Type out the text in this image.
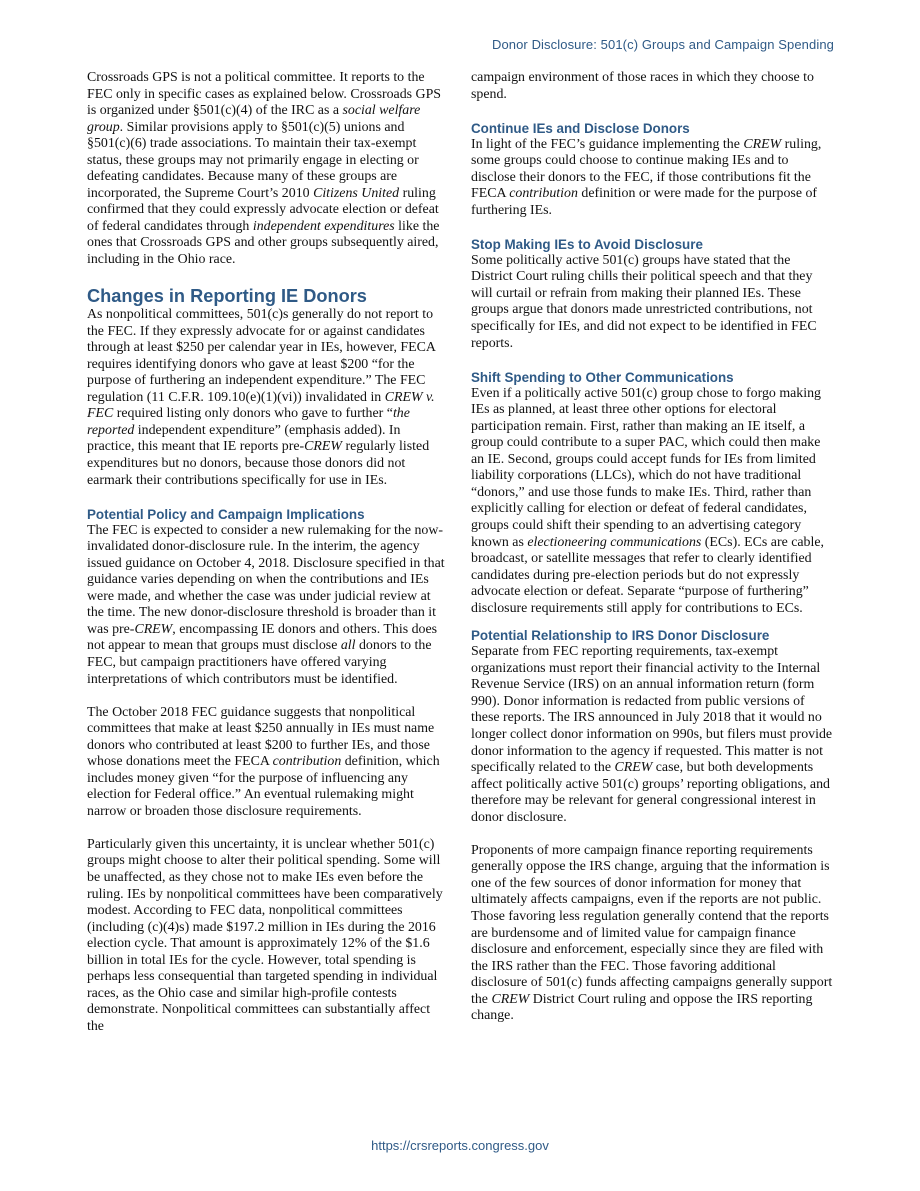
Donor Disclosure: 501(c) Groups and Campaign Spending

Crossroads GPS is not a political committee. It reports to the FEC only in specific cases as explained below. Crossroads GPS is organized under §501(c)(4) of the IRC as a social welfare group. Similar provisions apply to §501(c)(5) unions and §501(c)(6) trade associations. To maintain their tax-exempt status, these groups may not primarily engage in electing or defeating candidates. Because many of these groups are incorporated, the Supreme Court’s 2010 Citizens United ruling confirmed that they could expressly advocate election or defeat of federal candidates through independent expenditures like the ones that Crossroads GPS and other groups subsequently aired, including in the Ohio race.

Changes in Reporting IE Donors

As nonpolitical committees, 501(c)s generally do not report to the FEC. If they expressly advocate for or against candidates through at least $250 per calendar year in IEs, however, FECA requires identifying donors who gave at least $200 “for the purpose of furthering an independent expenditure.” The FEC regulation (11 C.F.R. 109.10(e)(1)(vi)) invalidated in CREW v. FEC required listing only donors who gave to further “the reported independent expenditure” (emphasis added). In practice, this meant that IE reports pre-CREW regularly listed expenditures but no donors, because those donors did not earmark their contributions specifically for use in IEs.

Potential Policy and Campaign Implications

The FEC is expected to consider a new rulemaking for the now-invalidated donor-disclosure rule. In the interim, the agency issued guidance on October 4, 2018. Disclosure specified in that guidance varies depending on when the contributions and IEs were made, and whether the case was under judicial review at the time. The new donor-disclosure threshold is broader than it was pre-CREW, encompassing IE donors and others. This does not appear to mean that groups must disclose all donors to the FEC, but campaign practitioners have offered varying interpretations of which contributors must be identified.

The October 2018 FEC guidance suggests that nonpolitical committees that make at least $250 annually in IEs must name donors who contributed at least $200 to further IEs, and those whose donations meet the FECA contribution definition, which includes money given “for the purpose of influencing any election for Federal office.” An eventual rulemaking might narrow or broaden those disclosure requirements.

Particularly given this uncertainty, it is unclear whether 501(c) groups might choose to alter their political spending. Some will be unaffected, as they chose not to make IEs even before the ruling. IEs by nonpolitical committees have been comparatively modest. According to FEC data, nonpolitical committees (including (c)(4)s) made $197.2 million in IEs during the 2016 election cycle. That amount is approximately 12% of the $1.6 billion in total IEs for the cycle. However, total spending is perhaps less consequential than targeted spending in individual races, as the Ohio case and similar high-profile contests demonstrate. Nonpolitical committees can substantially affect the

campaign environment of those races in which they choose to spend.

Continue IEs and Disclose Donors

In light of the FEC’s guidance implementing the CREW ruling, some groups could choose to continue making IEs and to disclose their donors to the FEC, if those contributions fit the FECA contribution definition or were made for the purpose of furthering IEs.

Stop Making IEs to Avoid Disclosure

Some politically active 501(c) groups have stated that the District Court ruling chills their political speech and that they will curtail or refrain from making their planned IEs. These groups argue that donors made unrestricted contributions, not specifically for IEs, and did not expect to be identified in FEC reports.

Shift Spending to Other Communications

Even if a politically active 501(c) group chose to forgo making IEs as planned, at least three other options for electoral participation remain. First, rather than making an IE itself, a group could contribute to a super PAC, which could then make an IE. Second, groups could accept funds for IEs from limited liability corporations (LLCs), which do not have traditional “donors,” and use those funds to make IEs. Third, rather than explicitly calling for election or defeat of federal candidates, groups could shift their spending to an advertising category known as electioneering communications (ECs). ECs are cable, broadcast, or satellite messages that refer to clearly identified candidates during pre-election periods but do not expressly advocate election or defeat. Separate “purpose of furthering” disclosure requirements still apply for contributions to ECs.

Potential Relationship to IRS Donor Disclosure

Separate from FEC reporting requirements, tax-exempt organizations must report their financial activity to the Internal Revenue Service (IRS) on an annual information return (form 990). Donor information is redacted from public versions of these reports. The IRS announced in July 2018 that it would no longer collect donor information on 990s, but filers must provide donor information to the agency if requested. This matter is not specifically related to the CREW case, but both developments affect politically active 501(c) groups’ reporting obligations, and therefore may be relevant for general congressional interest in donor disclosure.

Proponents of more campaign finance reporting requirements generally oppose the IRS change, arguing that the information is one of the few sources of donor information for money that ultimately affects campaigns, even if the reports are not public. Those favoring less regulation generally contend that the reports are burdensome and of limited value for campaign finance disclosure and enforcement, especially since they are filed with the IRS rather than the FEC. Those favoring additional disclosure of 501(c) funds affecting campaigns generally support the CREW District Court ruling and oppose the IRS reporting change.

https://crsreports.congress.gov
